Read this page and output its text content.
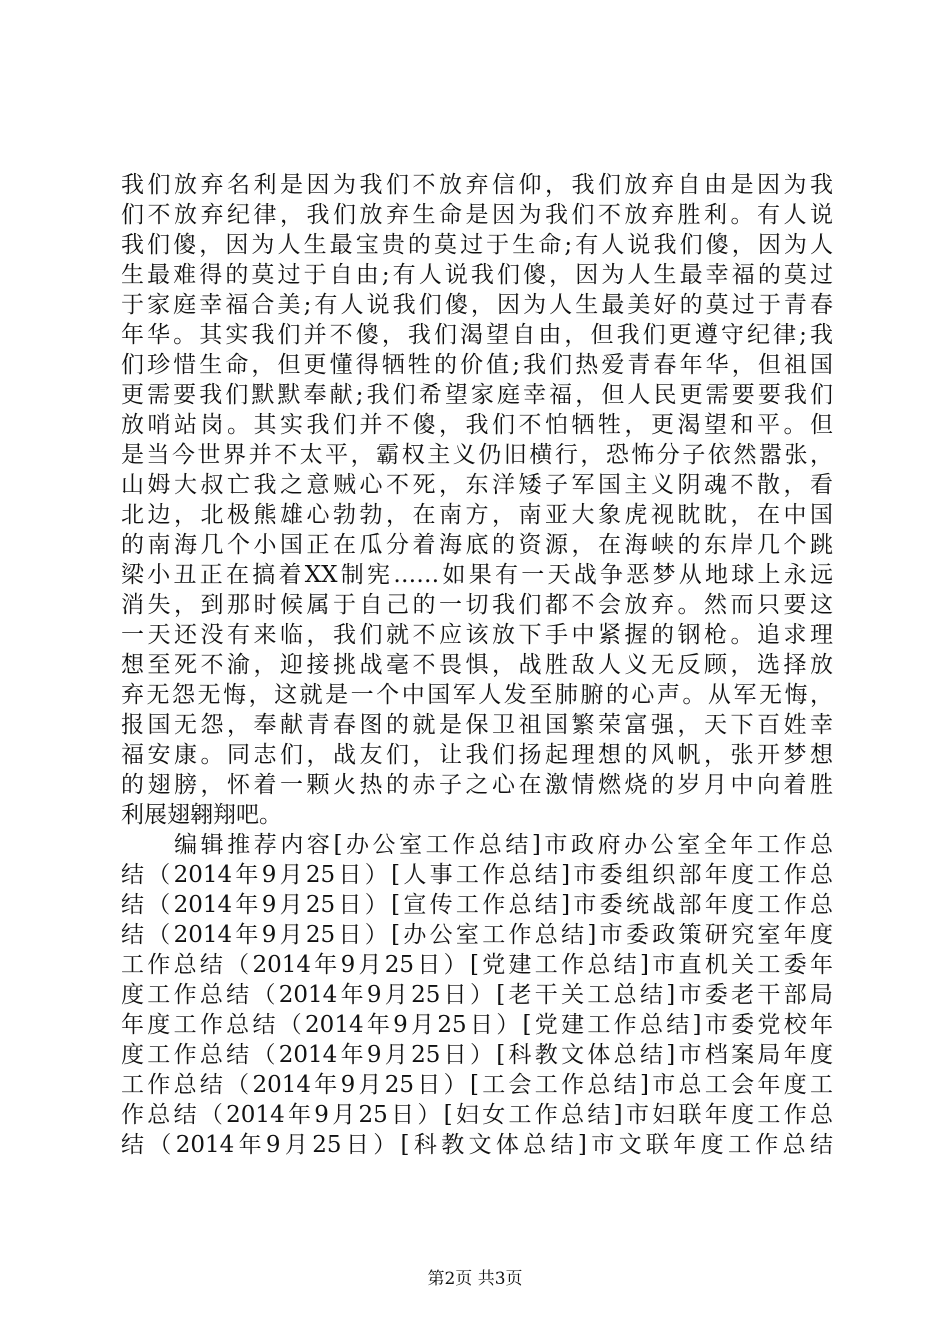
我们放弃名利是因为我们不放弃信仰，我们放弃自由是因为我
们不放弃纪律，我们放弃生命是因为我们不放弃胜利。有人说
我们傻，因为人生最宝贵的莫过于生命;有人说我们傻，因为人
生最难得的莫过于自由;有人说我们傻，因为人生最幸福的莫过
于家庭幸福合美;有人说我们傻，因为人生最美好的莫过于青春
年华。其实我们并不傻，我们渴望自由，但我们更遵守纪律;我
们珍惜生命，但更懂得牺牲的价值;我们热爱青春年华，但祖国
更需要我们默默奉献;我们希望家庭幸福，但人民更需要要我们
放哨站岗。其实我们并不傻，我们不怕牺牲，更渴望和平。但
是当今世界并不太平，霸权主义仍旧横行，恐怖分子依然嚣张，
山姆大叔亡我之意贼心不死，东洋矮子军国主义阴魂不散，看
北边，北极熊雄心勃勃，在南方，南亚大象虎视眈眈，在中国
的南海几个小国正在瓜分着海底的资源，在海峡的东岸几个跳
梁小丑正在搞着XX制宪……如果有一天战争恶梦从地球上永远
消失，到那时候属于自己的一切我们都不会放弃。然而只要这
一天还没有来临，我们就不应该放下手中紧握的钢枪。追求理
想至死不渝，迎接挑战毫不畏惧，战胜敌人义无反顾，选择放
弃无怨无悔，这就是一个中国军人发至肺腑的心声。从军无悔，
报国无怨，奉献青春图的就是保卫祖国繁荣富强，天下百姓幸
福安康。同志们，战友们，让我们扬起理想的风帆，张开梦想
的翅膀，怀着一颗火热的赤子之心在激情燃烧的岁月中向着胜
利展翅翱翔吧。
　　编辑推荐内容[办公室工作总结]市政府办公室全年工作总
结（2014年9月25日）[人事工作总结]市委组织部年度工作总
结（2014年9月25日）[宣传工作总结]市委统战部年度工作总
结（2014年9月25日）[办公室工作总结]市委政策研究室年度
工作总结（2014年9月25日）[党建工作总结]市直机关工委年
度工作总结（2014年9月25日）[老干关工总结]市委老干部局
年度工作总结（2014年9月25日）[党建工作总结]市委党校年
度工作总结（2014年9月25日）[科教文体总结]市档案局年度
工作总结（2014年9月25日）[工会工作总结]市总工会年度工
作总结（2014年9月25日）[妇女工作总结]市妇联年度工作总
结（2014年9月25日）[科教文体总结]市文联年度工作总结
第2页 共3页
